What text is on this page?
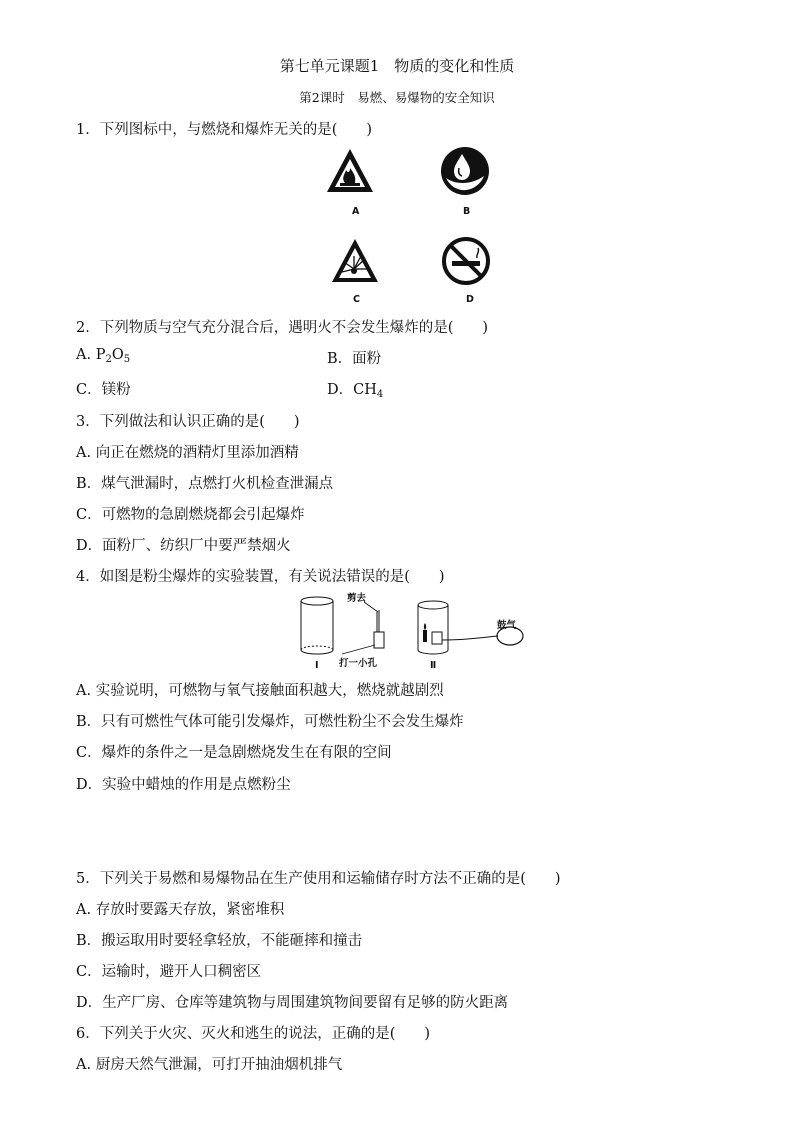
第七单元课题1　物质的变化和性质
第2课时　易燃、易爆物的安全知识
1．下列图标中，与燃烧和爆炸无关的是(　　)
A	B
C	D
2．下列物质与空气充分混合后，遇明火不会发生爆炸的是(　　)
A. $P_2O_5$	B．面粉
C．镁粉	D．$CH_4$
3．下列做法和认识正确的是(　　)
A. 向正在燃烧的酒精灯里添加酒精
B．煤气泄漏时，点燃打火机检查泄漏点
C．可燃物的急剧燃烧都会引起爆炸
D．面粉厂、纺织厂中要严禁烟火
4．如图是粉尘爆炸的实验装置，有关说法错误的是(　　)
剪去
打一小孔
Ⅰ	Ⅱ
鼓气
A. 实验说明，可燃物与氧气接触面积越大，燃烧就越剧烈
B．只有可燃性气体可能引发爆炸，可燃性粉尘不会发生爆炸
C．爆炸的条件之一是急剧燃烧发生在有限的空间
D．实验中蜡烛的作用是点燃粉尘
5．下列关于易燃和易爆物品在生产使用和运输储存时方法不正确的是(　　)
A. 存放时要露天存放，紧密堆积
B．搬运取用时要轻拿轻放，不能砸摔和撞击
C．运输时，避开人口稠密区
D．生产厂房、仓库等建筑物与周围建筑物间要留有足够的防火距离
6．下列关于火灾、灭火和逃生的说法，正确的是(　　)
A. 厨房天然气泄漏，可打开抽油烟机排气
